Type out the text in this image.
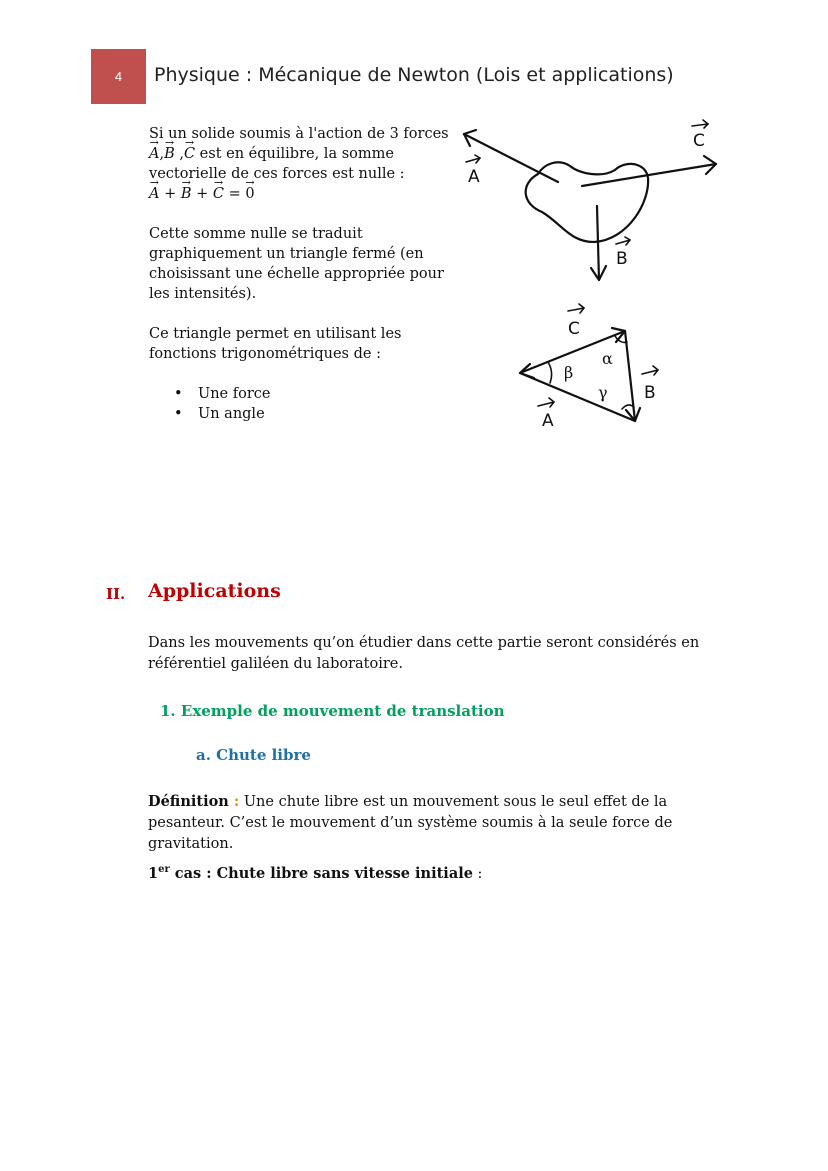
4	Physique : Mécanique de Newton (Lois et applications)

Si un solide soumis à l'action de 3 forces
→ A,→ B ,→ C est en équilibre, la somme
vectorielle de ces forces est nulle :
→ A + → B + → C = → 0

Cette somme nulle se traduit graphiquement un triangle fermé (en choisissant une échelle appropriée pour les intensités).

Ce triangle permet en utilisant les fonctions trigonométriques de :

• Une force
• Un angle
A
B
C
β
α
γ
C
B
A
II. Applications
Dans les mouvements qu’on étudier dans cette partie seront considérés en référentiel galiléen du laboratoire.
1. Exemple de mouvement de translation
a. Chute libre
Définition : Une chute libre est un mouvement sous le seul effet de la pesanteur. C’est le mouvement d’un système soumis à la seule force de gravitation.
1er cas : Chute libre sans vitesse initiale :
